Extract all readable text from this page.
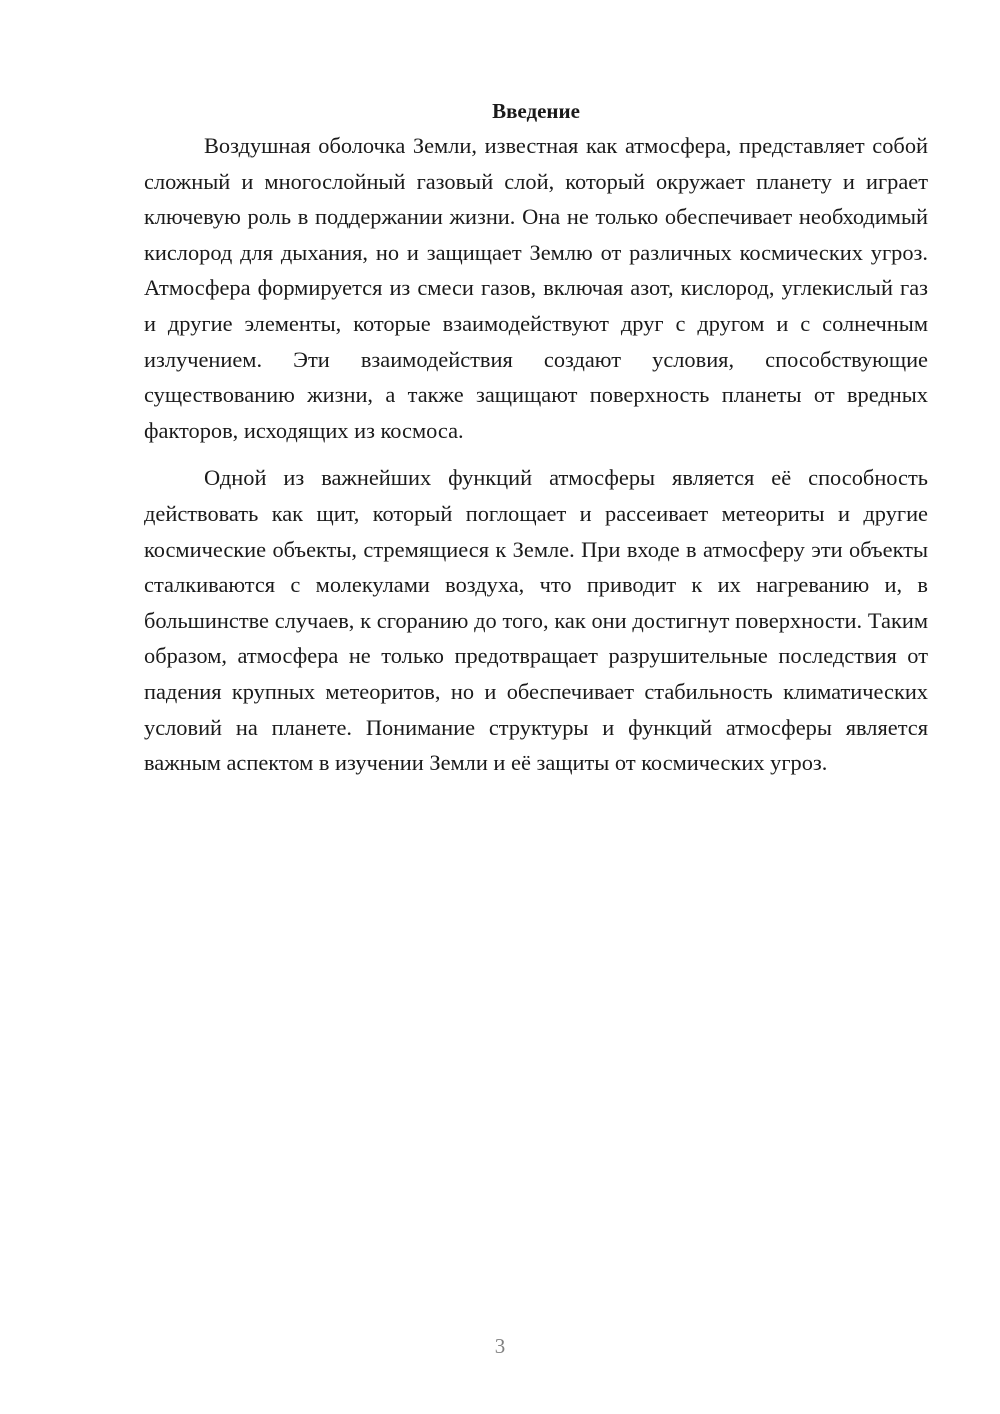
Введение

Воздушная оболочка Земли, известная как атмосфера, представляет собой сложный и многослойный газовый слой, который окружает планету и играет ключевую роль в поддержании жизни. Она не только обеспечивает необходимый кислород для дыхания, но и защищает Землю от различных космических угроз. Атмосфера формируется из смеси газов, включая азот, кислород, углекислый газ и другие элементы, которые взаимодействуют друг с другом и с солнечным излучением. Эти взаимодействия создают условия, способствующие существованию жизни, а также защищают поверхность планеты от вредных факторов, исходящих из космоса.

Одной из важнейших функций атмосферы является её способность действовать как щит, который поглощает и рассеивает метеориты и другие космические объекты, стремящиеся к Земле. При входе в атмосферу эти объекты сталкиваются с молекулами воздуха, что приводит к их нагреванию и, в большинстве случаев, к сгоранию до того, как они достигнут поверхности. Таким образом, атмосфера не только предотвращает разрушительные последствия от падения крупных метеоритов, но и обеспечивает стабильность климатических условий на планете. Понимание структуры и функций атмосферы является важным аспектом в изучении Земли и её защиты от космических угроз.

3
